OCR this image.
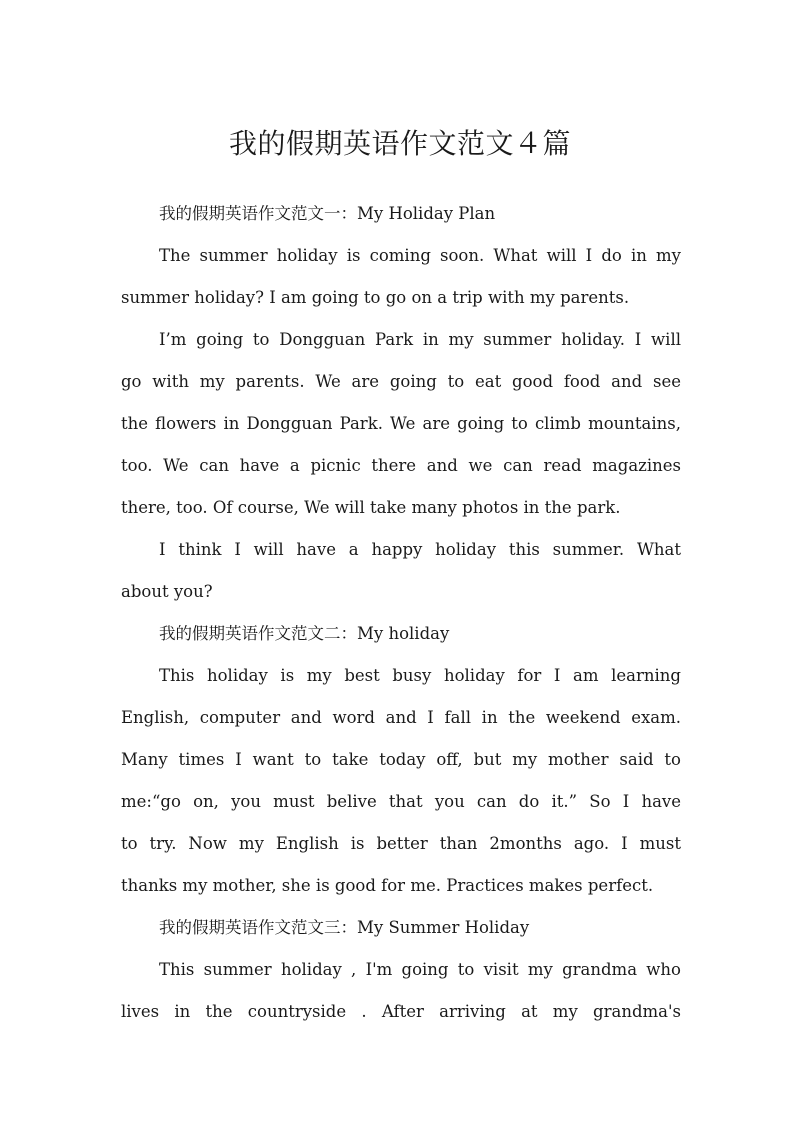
我的假期英语作文范文４篇
我的假期英语作文范文一：My Holiday Plan
The summer holiday is coming soon. What will I do in my
summer holiday? I am going to go on a trip with my parents.
I’m going to Dongguan Park in my summer holiday. I will
go with my parents. We are going to eat good food and see
the flowers in Dongguan Park. We are going to climb mountains,
too. We can have a picnic there and we can read magazines
there, too. Of course, We will take many photos in the park.
I think I will have a happy holiday this summer. What
about you?
我的假期英语作文范文二：My holiday
This holiday is my best busy holiday for I am learning
English, computer and word and I fall in the weekend exam.
Many times I want to take today off, but my mother said to
me:“go on, you must belive that you can do it.” So I have
to try. Now my English is better than 2months ago. I must
thanks my mother, she is good for me. Practices makes perfect.
我的假期英语作文范文三：My Summer Holiday
This summer holiday , I'm going to visit my grandma who
lives in the countryside . After arriving at my grandma's
